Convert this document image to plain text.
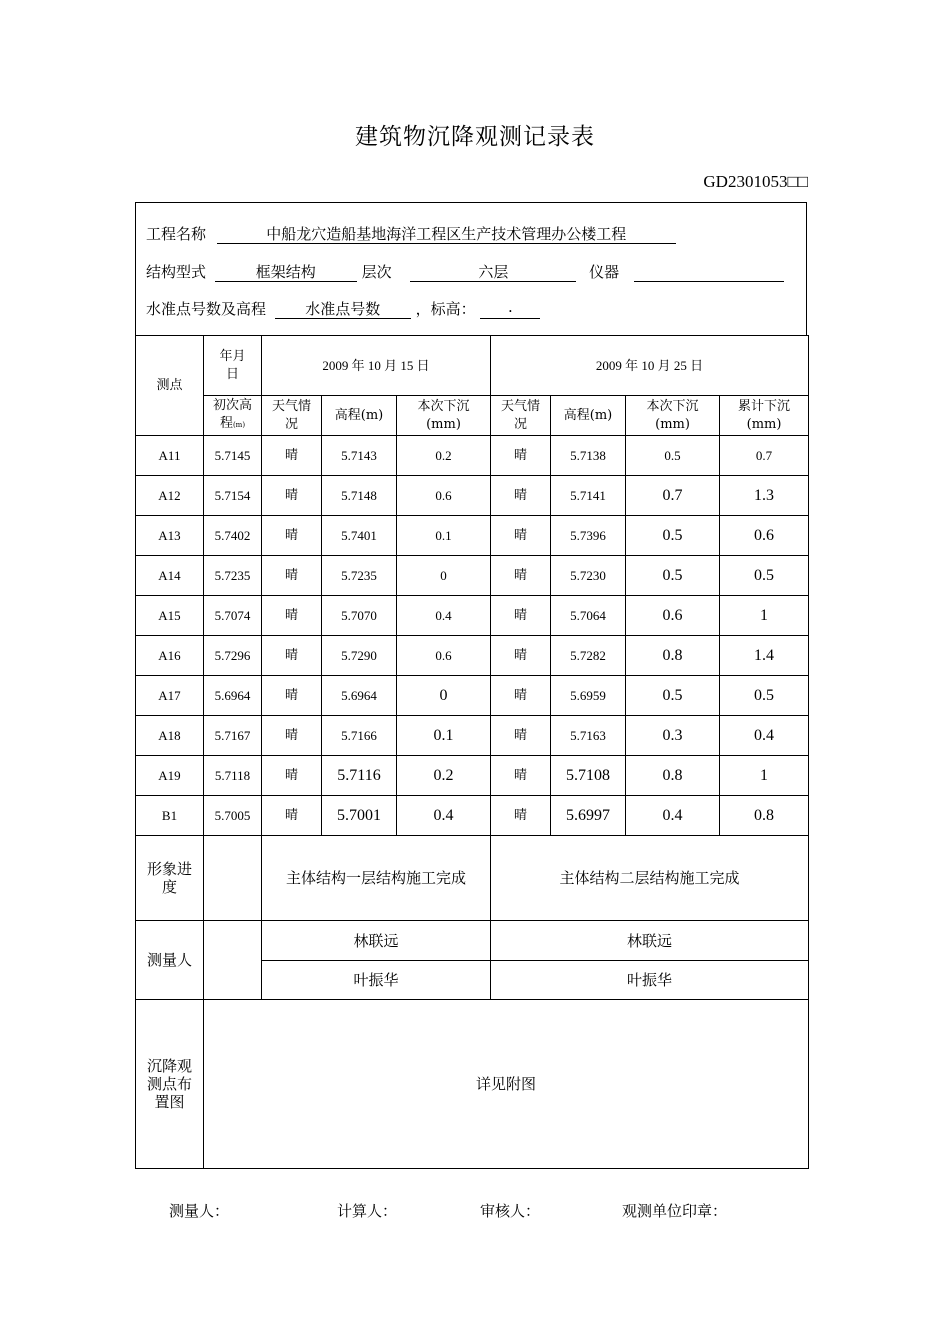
建筑物沉降观测记录表
GD2301053□□
工程名称	中船龙穴造船基地海洋工程区生产技术管理办公楼工程
结构型式	框架结构	层次	六层	仪器
水准点号数及高程	水准点号数 ，标高： .
测点	年月日	2009 年 10 月 15 日			2009 年 10 月 25 日			
	初次高程(m)	天气情况	高程(m)	本次下沉(mm)	天气情况	高程(m)	本次下沉(mm)	累计下沉(mm)
A11	5.7145	晴	5.7143	0.2	晴	5.7138	0.5	0.7
A12	5.7154	晴	5.7148	0.6	晴	5.7141	0.7	1.3
A13	5.7402	晴	5.7401	0.1	晴	5.7396	0.5	0.6
A14	5.7235	晴	5.7235	0	晴	5.7230	0.5	0.5
A15	5.7074	晴	5.7070	0.4	晴	5.7064	0.6	1
A16	5.7296	晴	5.7290	0.6	晴	5.7282	0.8	1.4
A17	5.6964	晴	5.6964	0	晴	5.6959	0.5	0.5
A18	5.7167	晴	5.7166	0.1	晴	5.7163	0.3	0.4
A19	5.7118	晴	5.7116	0.2	晴	5.7108	0.8	1
B1	5.7005	晴	5.7001	0.4	晴	5.6997	0.4	0.8
形象进度		主体结构一层结构施工完成			主体结构二层结构施工完成			
测量人		林联远			林联远			
		叶振华			叶振华			
沉降观测点布置图	详见附图							
测量人：	计算人：	审核人：	观测单位印章：
